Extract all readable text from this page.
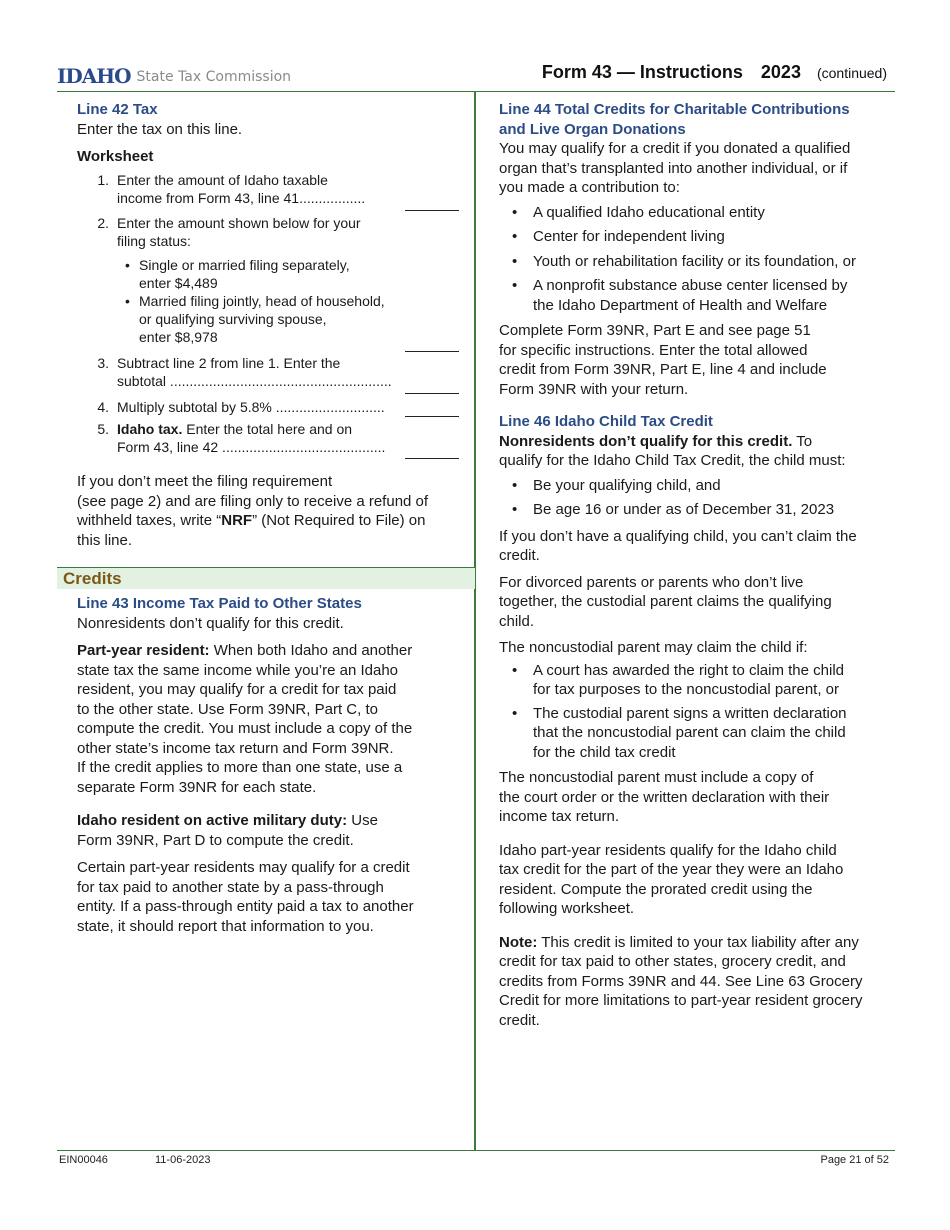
IDAHO State Tax Commission	Form 43 — Instructions 2023 (continued)

Line 42 Tax

Enter the tax on this line.

Worksheet
1. Enter the amount of Idaho taxable
income from Form 43, line 41.................
2. Enter the amount shown below for your
filing status:
• Single or married filing separately,
enter $4,489
• Married filing jointly, head of household,
or qualifying surviving spouse,
enter $8,978
3. Subtract line 2 from line 1. Enter the
subtotal .........................................................
4. Multiply subtotal by 5.8% ............................
5. Idaho tax. Enter the total here and on
Form 43, line 42 ..........................................

If you don’t meet the filing requirement

(see page 2) and are filing only to receive a refund of

withheld taxes, write “NRF” (Not Required to File) on

this line.

Credits

Line 43 Income Tax Paid to Other States

Nonresidents don’t qualify for this credit.

Part-year resident: When both Idaho and another

state tax the same income while you’re an Idaho

resident, you may qualify for a credit for tax paid

to the other state. Use Form 39NR, Part C, to

compute the credit. You must include a copy of the

other state’s income tax return and Form 39NR.

If the credit applies to more than one state, use a

separate Form 39NR for each state.

Idaho resident on active military duty: Use

Form 39NR, Part D to compute the credit.

Certain part-year residents may qualify for a credit

for tax paid to another state by a pass-through

entity. If a pass-through entity paid a tax to another

state, it should report that information to you.

Line 44 Total Credits for Charitable Contributions
and Live Organ Donations

You may qualify for a credit if you donated a qualified

organ that’s transplanted into another individual, or if

you made a contribution to:

• A qualified Idaho educational entity
• Center for independent living
• Youth or rehabilitation facility or its foundation, or
• A nonprofit substance abuse center licensed by
the Idaho Department of Health and Welfare

Complete Form 39NR, Part E and see page 51

for specific instructions. Enter the total allowed

credit from Form 39NR, Part E, line 4 and include

Form 39NR with your return.

Line 46 Idaho Child Tax Credit

Nonresidents don’t qualify for this credit. To

qualify for the Idaho Child Tax Credit, the child must:

• Be your qualifying child, and
• Be age 16 or under as of December 31, 2023

If you don’t have a qualifying child, you can’t claim the

credit.

For divorced parents or parents who don’t live

together, the custodial parent claims the qualifying

child.

The noncustodial parent may claim the child if:

• A court has awarded the right to claim the child
for tax purposes to the noncustodial parent, or
• The custodial parent signs a written declaration
that the noncustodial parent can claim the child
for the child tax credit

The noncustodial parent must include a copy of

the court order or the written declaration with their

income tax return.

Idaho part-year residents qualify for the Idaho child

tax credit for the part of the year they were an Idaho

resident. Compute the prorated credit using the

following worksheet.

Note: This credit is limited to your tax liability after any

credit for tax paid to other states, grocery credit, and

credits from Forms 39NR and 44. See Line 63 Grocery

Credit for more limitations to part-year resident grocery

credit.

EIN00046	11-06-2023	Page 21 of 52
